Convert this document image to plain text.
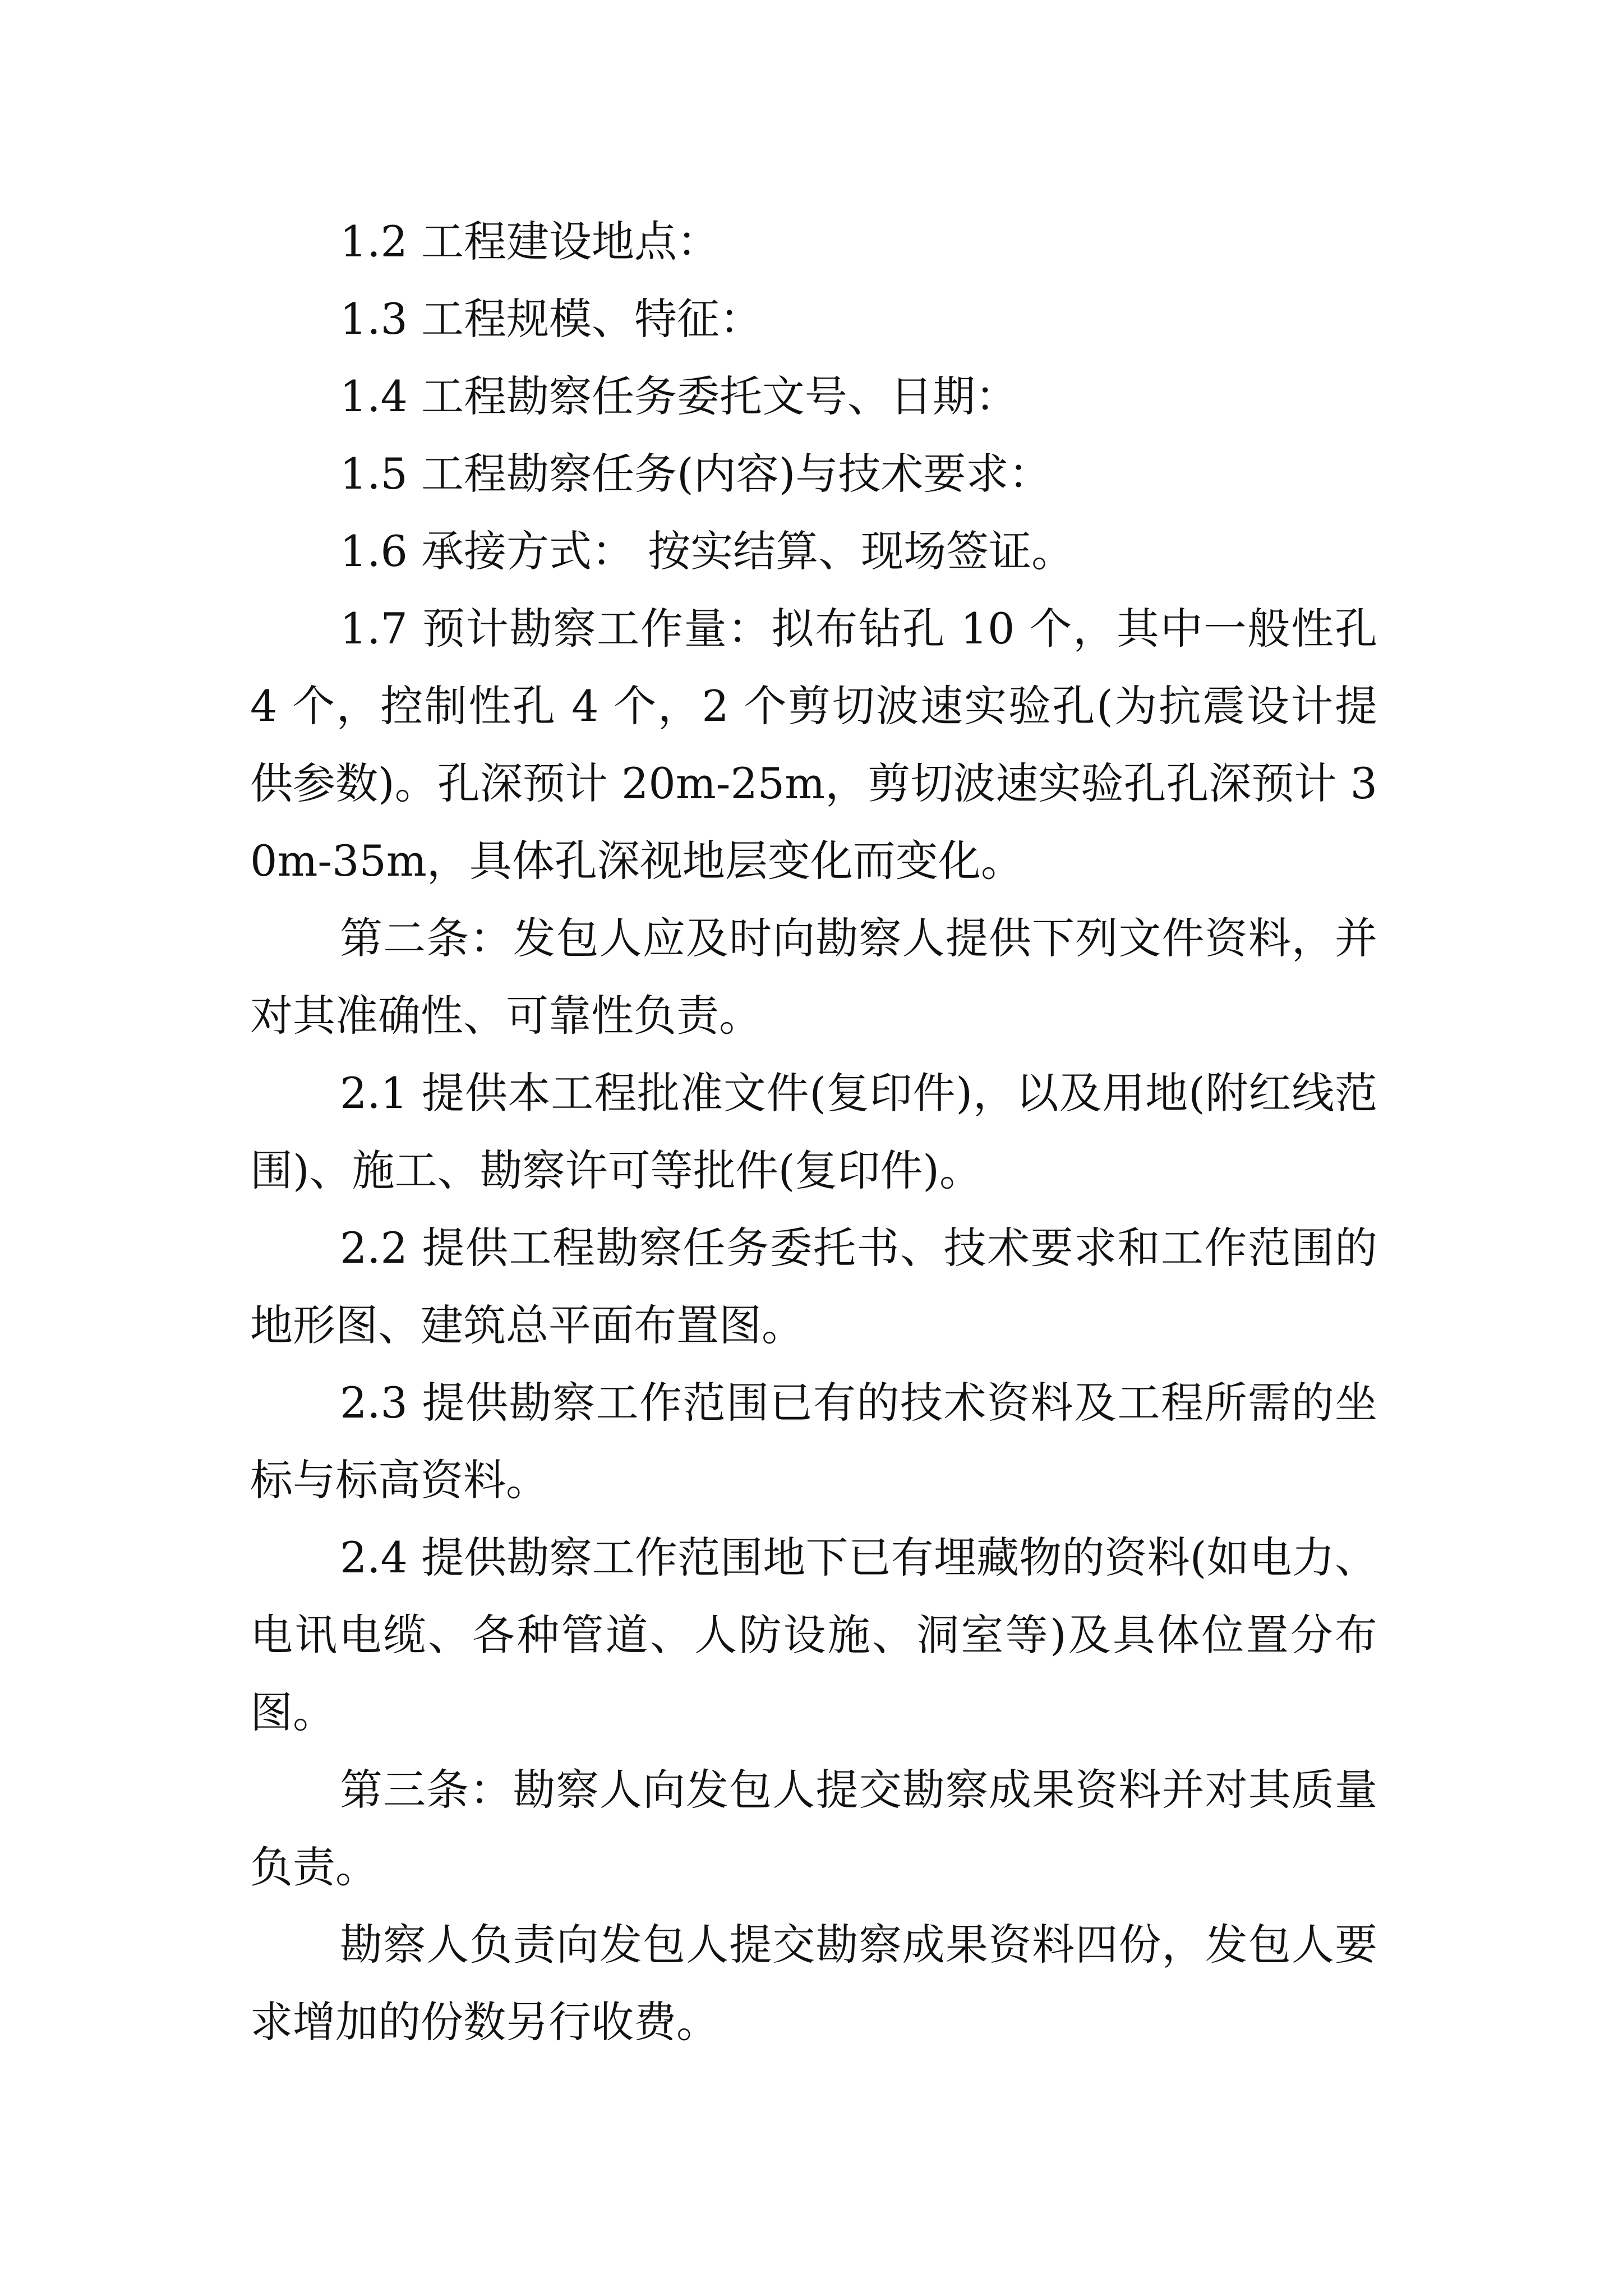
1.2 工程建设地点：

1.3 工程规模、特征：

1.4 工程勘察任务委托文号、日期：

1.5 工程勘察任务(内容)与技术要求：

1.6 承接方式： 按实结算、现场签证。

1.7 预计勘察工作量：拟布钻孔 10 个，其中一般性孔 4 个，控制性孔 4 个，2 个剪切波速实验孔(为抗震设计提供参数)。孔深预计 20m-25m，剪切波速实验孔孔深预计 30m-35m，具体孔深视地层变化而变化。

第二条：发包人应及时向勘察人提供下列文件资料，并对其准确性、可靠性负责。

2.1 提供本工程批准文件(复印件)，以及用地(附红线范围)、施工、勘察许可等批件(复印件)。

2.2 提供工程勘察任务委托书、技术要求和工作范围的地形图、建筑总平面布置图。

2.3 提供勘察工作范围已有的技术资料及工程所需的坐标与标高资料。

2.4 提供勘察工作范围地下已有埋藏物的资料(如电力、电讯电缆、各种管道、人防设施、洞室等)及具体位置分布图。

第三条：勘察人向发包人提交勘察成果资料并对其质量负责。

勘察人负责向发包人提交勘察成果资料四份，发包人要求增加的份数另行收费。
